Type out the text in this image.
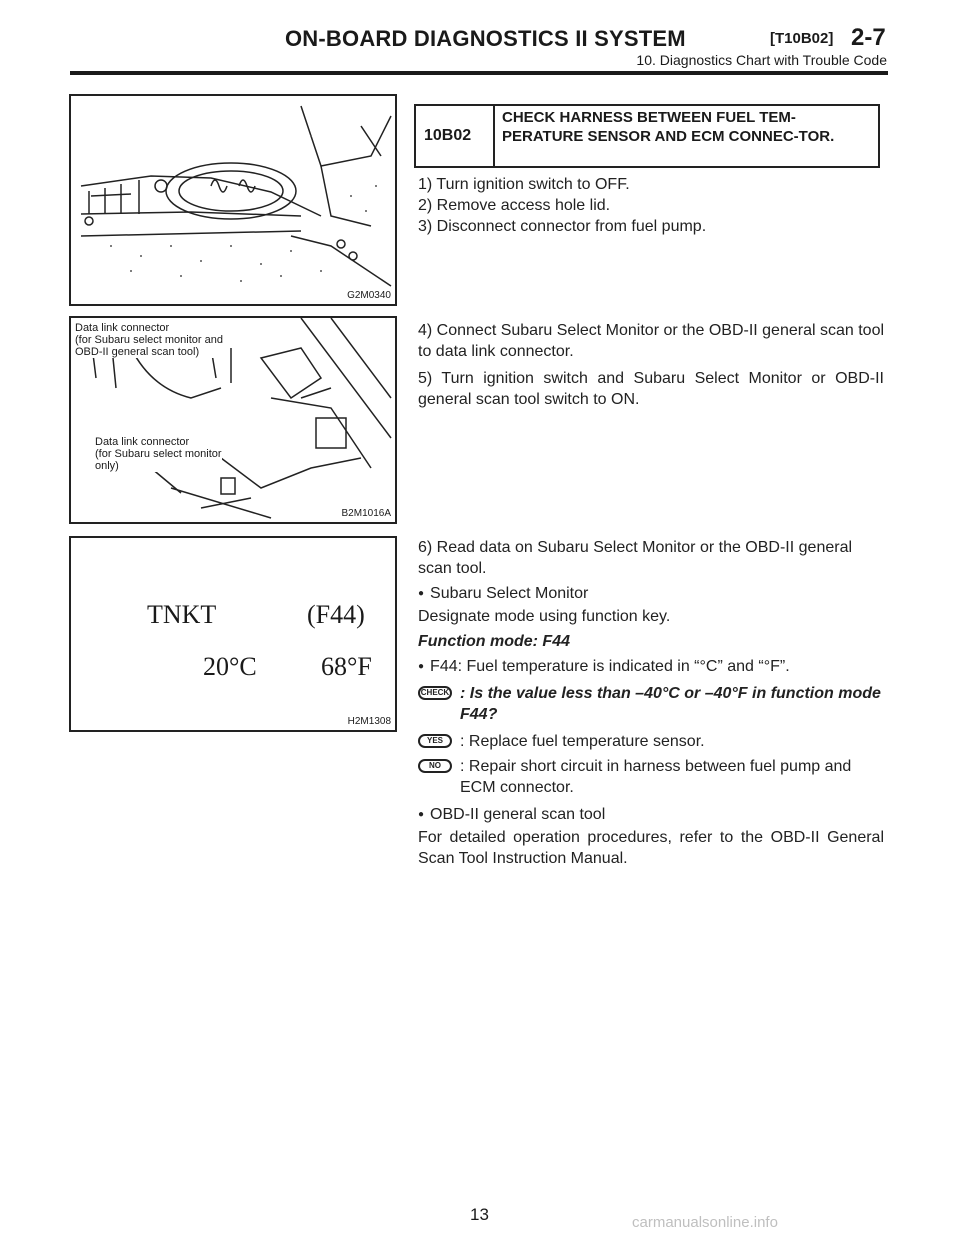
ON-BOARD DIAGNOSTICS II SYSTEM	[T10B02] 2-7
10. Diagnostics Chart with Trouble Code
G2M0340
Data link connector
(for Subaru select monitor and
OBD-II general scan tool)
Data link connector
(for Subaru select monitor
only)
B2M1016A
TNKT	(F44)
20°C 68°F
H2M1308
10B02
CHECK HARNESS BETWEEN FUEL TEM-PERATURE SENSOR AND ECM CONNEC-TOR.
1) Turn ignition switch to OFF.
2) Remove access hole lid.
3) Disconnect connector from fuel pump.
4) Connect Subaru Select Monitor or the OBD-II general scan tool to data link connector.
5) Turn ignition switch and Subaru Select Monitor or OBD-II general scan tool switch to ON.
6) Read data on Subaru Select Monitor or the OBD-II general scan tool.
● Subaru Select Monitor
Designate mode using function key.
Function mode: F44
● F44: Fuel temperature is indicated in “°C” and “°F”.
CHECK : Is the value less than –40°C or –40°F in function mode F44?
YES	: Replace fuel temperature sensor.
NO	: Repair short circuit in harness between fuel pump and ECM connector.
● OBD-II general scan tool
For detailed operation procedures, refer to the OBD-II General Scan Tool Instruction Manual.
13	carmanualsonline.info
